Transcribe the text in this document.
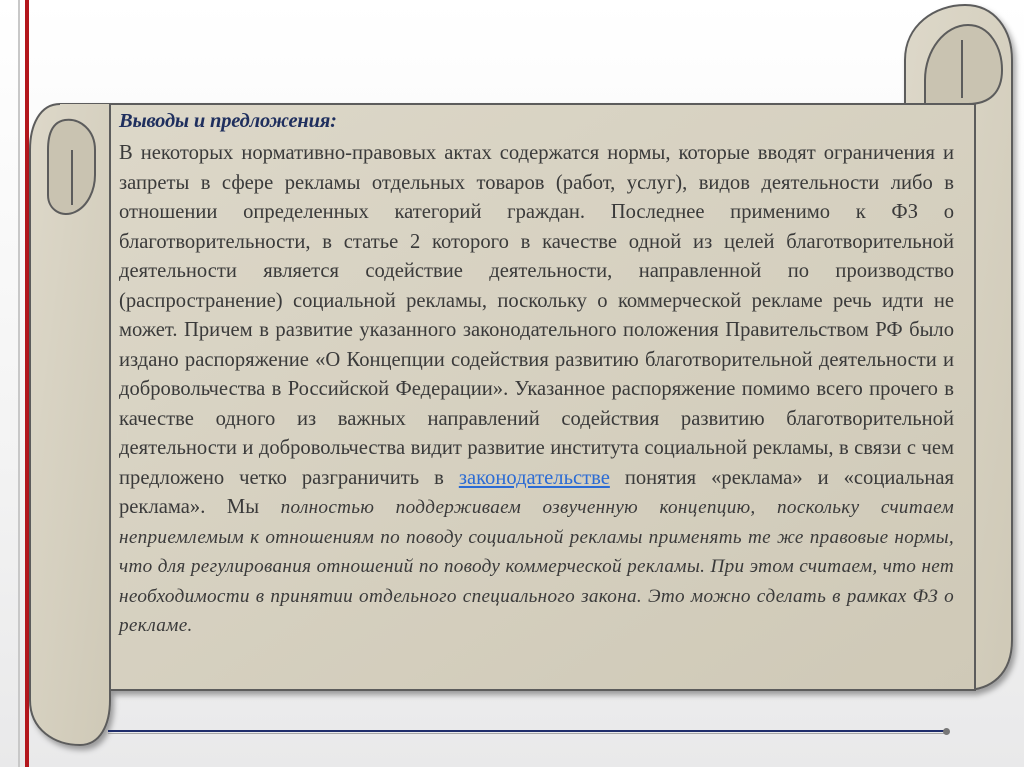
Выводы и предложения:

В некоторых нормативно-правовых актах содержатся нормы, которые вводят ограничения и запреты в сфере рекламы отдельных товаров (работ, услуг), видов деятельности либо в отношении определенных категорий граждан. Последнее применимо к ФЗ о благотворительности, в статье 2 которого в качестве одной из целей благотворительной деятельности является содействие деятельности, направленной по производство (распространение) социальной рекламы, поскольку о коммерческой рекламе речь идти не может. Причем в развитие указанного законодательного положения Правительством РФ было издано распоряжение «О Концепции содействия развитию благотворительной деятельности и добровольчества в Российской Федерации». Указанное распоряжение помимо всего прочего в качестве одного из важных направлений содействия развитию благотворительной деятельности и добровольчества видит развитие института социальной рекламы, в связи с чем предложено четко разграничить в законодательстве понятия «реклама» и «социальная реклама». Мы полностью поддерживаем озвученную концепцию, поскольку считаем неприемлемым к отношениям по поводу социальной рекламы применять те же правовые нормы, что для регулирования отношений по поводу коммерческой рекламы. При этом считаем, что нет необходимости в принятии отдельного специального закона. Это можно сделать в рамках ФЗ о рекламе.
